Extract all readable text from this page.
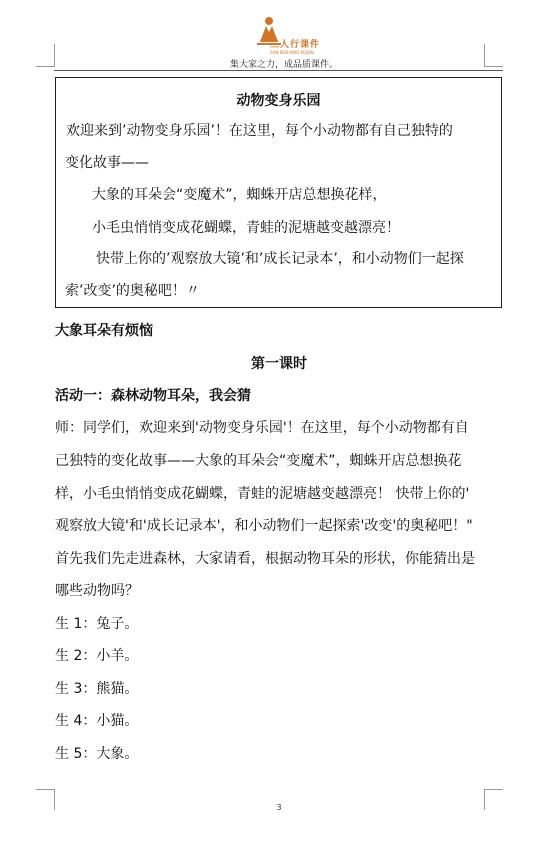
三人行课件
SAN REN XING KEJIAN
集大家之力，成品质课件。
动物变身乐园
欢迎来到’动物变身乐园’！在这里，每个小动物都有自己独特的
变化故事——
大象的耳朵会“变魔术”，蜘蛛开店总想换花样，
小毛虫悄悄变成花蝴蝶，青蛙的泥塘越变越漂亮！
快带上你的’观察放大镜’和’成长记录本’，和小动物们一起探
索’改变’的奥秘吧！〃
大象耳朵有烦恼
第一课时
活动一：森林动物耳朵，我会猜
师：同学们，欢迎来到'动物变身乐园'！在这里，每个小动物都有自
己独特的变化故事——大象的耳朵会“变魔术”，蜘蛛开店总想换花
样，小毛虫悄悄变成花蝴蝶，青蛙的泥塘越变越漂亮！ 快带上你的'
观察放大镜'和'成长记录本'，和小动物们一起探索'改变'的奥秘吧！"
首先我们先走进森林，大家请看，根据动物耳朵的形状，你能猜出是
哪些动物吗？
生 1：兔子。
生 2：小羊。
生 3：熊猫。
生 4：小猫。
生 5：大象。
3
